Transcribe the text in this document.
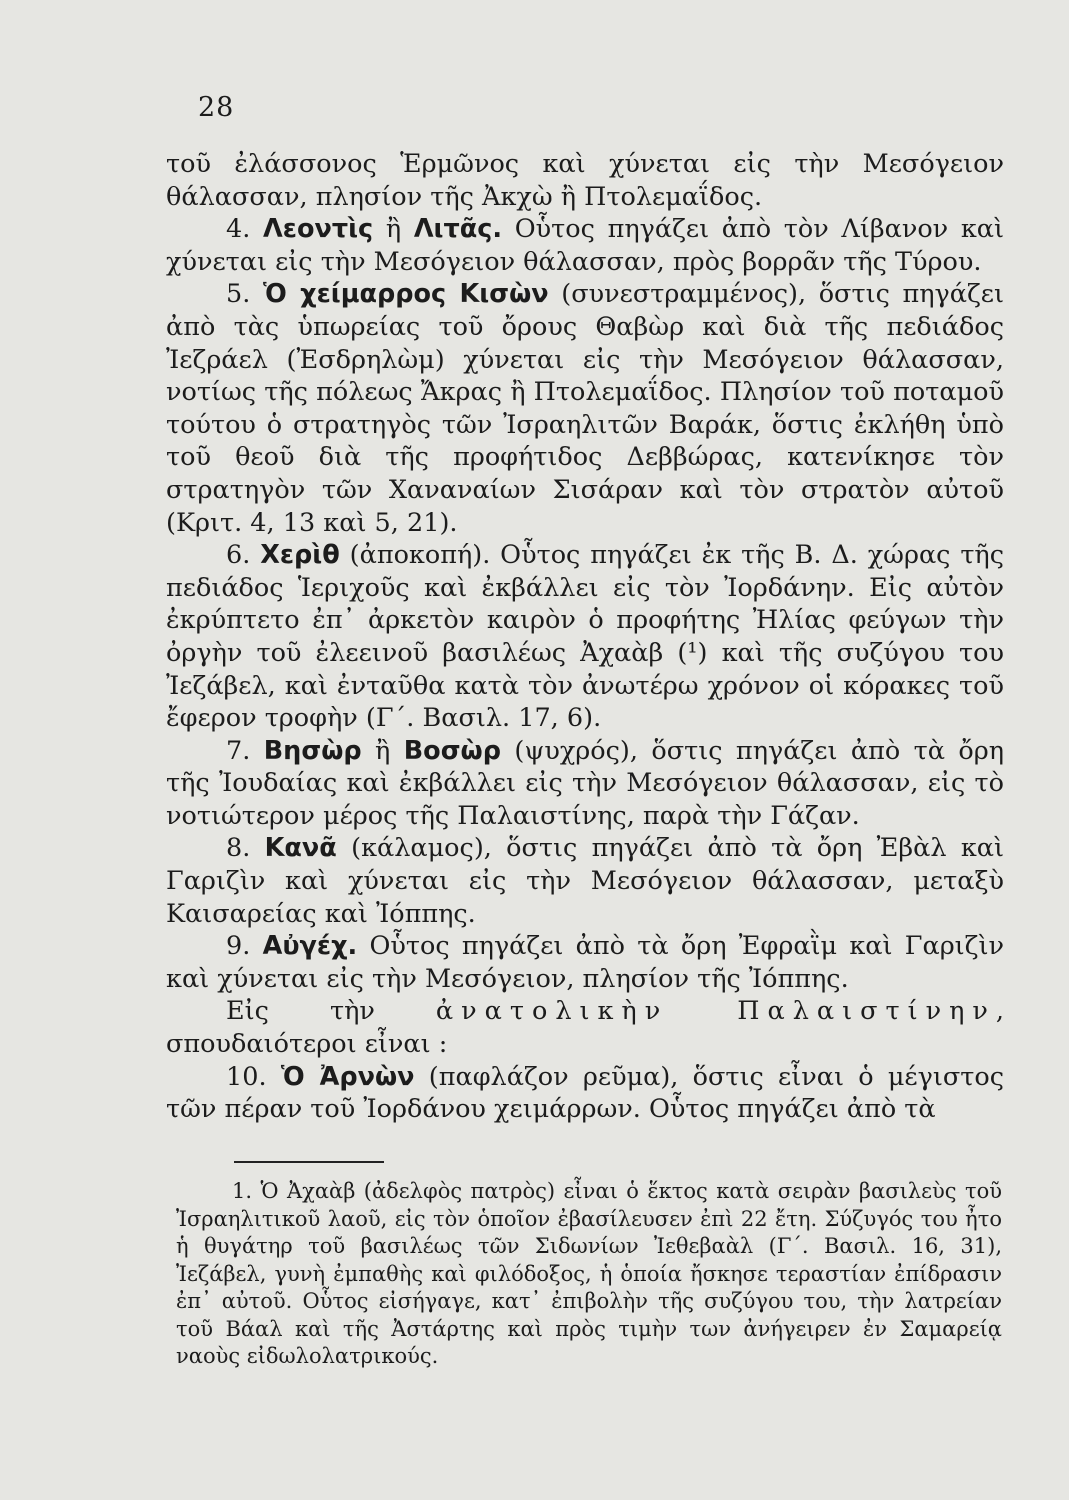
28

τοῦ ἐλάσσονος Ἑρμῶνος καὶ χύνεται εἰς τὴν Μεσόγειον θάλασσαν, πλησίον τῆς Ἀκχὼ ἢ Πτολεμαΐδος.

4. Λεοντὶς ἢ Λιτᾶς. Οὗτος πηγάζει ἀπὸ τὸν Λίβανον καὶ χύνεται εἰς τὴν Μεσόγειον θάλασσαν, πρὸς βορρᾶν τῆς Τύρου.

5. Ὁ χείμαρρος Κισὼν (συνεστραμμένος), ὅστις πηγάζει ἀπὸ τὰς ὑπωρείας τοῦ ὄρους Θαβὼρ καὶ διὰ τῆς πεδιάδος Ἰεζράελ (Ἐσδρηλὼμ) χύνεται εἰς τὴν Μεσόγειον θάλασσαν, νοτίως τῆς πόλεως Ἄκρας ἢ Πτολεμαΐδος. Πλησίον τοῦ ποταμοῦ τούτου ὁ στρατηγὸς τῶν Ἰσραηλιτῶν Βαράκ, ὅστις ἐκλήθη ὑπὸ τοῦ θεοῦ διὰ τῆς προφήτιδος Δεββώρας, κατενίκησε τὸν στρατηγὸν τῶν Χαναναίων Σισάραν καὶ τὸν στρατὸν αὐτοῦ (Κριτ. 4, 13 καὶ 5, 21).

6. Χερὶθ (ἀποκοπή). Οὗτος πηγάζει ἐκ τῆς Β. Δ. χώρας τῆς πεδιάδος Ἱεριχοῦς καὶ ἐκβάλλει εἰς τὸν Ἰορδάνην. Εἰς αὐτὸν ἐκρύπτετο ἐπ᾿ ἀρκετὸν καιρὸν ὁ προφήτης Ἠλίας φεύγων τὴν ὀργὴν τοῦ ἐλεεινοῦ βασιλέως Ἀχαὰβ (¹) καὶ τῆς συζύγου του Ἰεζάβελ, καὶ ἐνταῦθα κατὰ τὸν ἀνωτέρω χρόνον οἱ κόρακες τοῦ ἔφερον τροφὴν (Γ΄. Βασιλ. 17, 6).

7. Βησὼρ ἢ Βοσὼρ (ψυχρός), ὅστις πηγάζει ἀπὸ τὰ ὄρη τῆς Ἰουδαίας καὶ ἐκβάλλει εἰς τὴν Μεσόγειον θάλασσαν, εἰς τὸ νοτιώτερον μέρος τῆς Παλαιστίνης, παρὰ τὴν Γάζαν.

8. Κανᾶ (κάλαμος), ὅστις πηγάζει ἀπὸ τὰ ὄρη Ἐβὰλ καὶ Γαριζὶν καὶ χύνεται εἰς τὴν Μεσόγειον θάλασσαν, μεταξὺ Καισαρείας καὶ Ἰόππης.

9. Αὐγέχ. Οὗτος πηγάζει ἀπὸ τὰ ὄρη Ἐφραῒμ καὶ Γαριζὶν καὶ χύνεται εἰς τὴν Μεσόγειον, πλησίον τῆς Ἰόππης.

Εἰς τὴν ἀνατολικὴν Παλαιστίνην, σπουδαιότεροι εἶναι :

10. Ὁ Ἀρνὼν (παφλάζον ρεῦμα), ὅστις εἶναι ὁ μέγιστος τῶν πέραν τοῦ Ἰορδάνου χειμάρρων. Οὗτος πηγάζει ἀπὸ τὰ

1. Ὁ Ἀχαὰβ (ἀδελφὸς πατρὸς) εἶναι ὁ ἕκτος κατὰ σειρὰν βασιλεὺς τοῦ Ἰσραηλιτικοῦ λαοῦ, εἰς τὸν ὁποῖον ἐβασίλευσεν ἐπὶ 22 ἔτη. Σύζυγός του ἦτο ἡ θυγάτηρ τοῦ βασιλέως τῶν Σιδωνίων Ἰεθεβαὰλ (Γ΄. Βασιλ. 16, 31), Ἰεζάβελ, γυνὴ ἐμπαθὴς καὶ φιλόδοξος, ἡ ὁποία ἤσκησε τεραστίαν ἐπίδρασιν ἐπ᾿ αὐτοῦ. Οὗτος εἰσήγαγε, κατ᾿ ἐπιβολὴν τῆς συζύγου του, τὴν λατρείαν τοῦ Βάαλ καὶ τῆς Ἀστάρτης καὶ πρὸς τιμὴν των ἀνήγειρεν ἐν Σαμαρείᾳ ναοὺς εἰδωλολατρικούς.
